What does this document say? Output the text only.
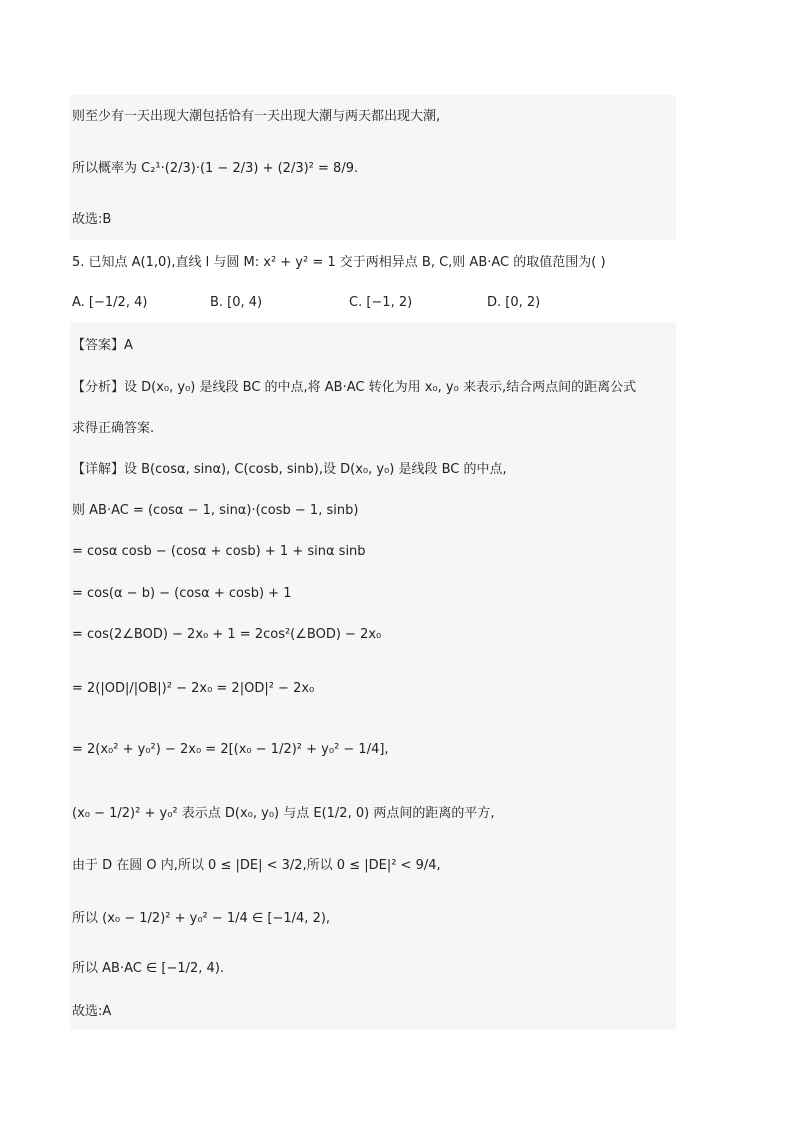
则至少有一天出现大潮包括恰有一天出现大潮与两天都出现大潮,
所以概率为 C₂¹·(2/3)·(1 − 2/3) + (2/3)² = 8/9.
故选:B
5. 已知点 A(1,0),直线 l 与圆 M: x² + y² = 1 交于两相异点 B, C,则 AB·AC 的取值范围为( )
A. [−1/2, 4)	B. [0, 4)	C. [−1, 2)	D. [0, 2)
【答案】A
【分析】设 D(x₀, y₀) 是线段 BC 的中点,将 AB·AC 转化为用 x₀, y₀ 来表示,结合两点间的距离公式
求得正确答案.
【详解】设 B(cosα, sinα), C(cosb, sinb),设 D(x₀, y₀) 是线段 BC 的中点,
则 AB·AC = (cosα − 1, sinα)·(cosb − 1, sinb)
= cosα cosb − (cosα + cosb) + 1 + sinα sinb
= cos(α − b) − (cosα + cosb) + 1
= cos(2∠BOD) − 2x₀ + 1 = 2cos²(∠BOD) − 2x₀
= 2(|OD|/|OB|)² − 2x₀ = 2|OD|² − 2x₀
= 2(x₀² + y₀²) − 2x₀ = 2[(x₀ − 1/2)² + y₀² − 1/4],
(x₀ − 1/2)² + y₀² 表示点 D(x₀, y₀) 与点 E(1/2, 0) 两点间的距离的平方,
由于 D 在圆 O 内,所以 0 ≤ |DE| < 3/2,所以 0 ≤ |DE|² < 9/4,
所以 (x₀ − 1/2)² + y₀² − 1/4 ∈ [−1/4, 2),
所以 AB·AC ∈ [−1/2, 4).
故选:A
